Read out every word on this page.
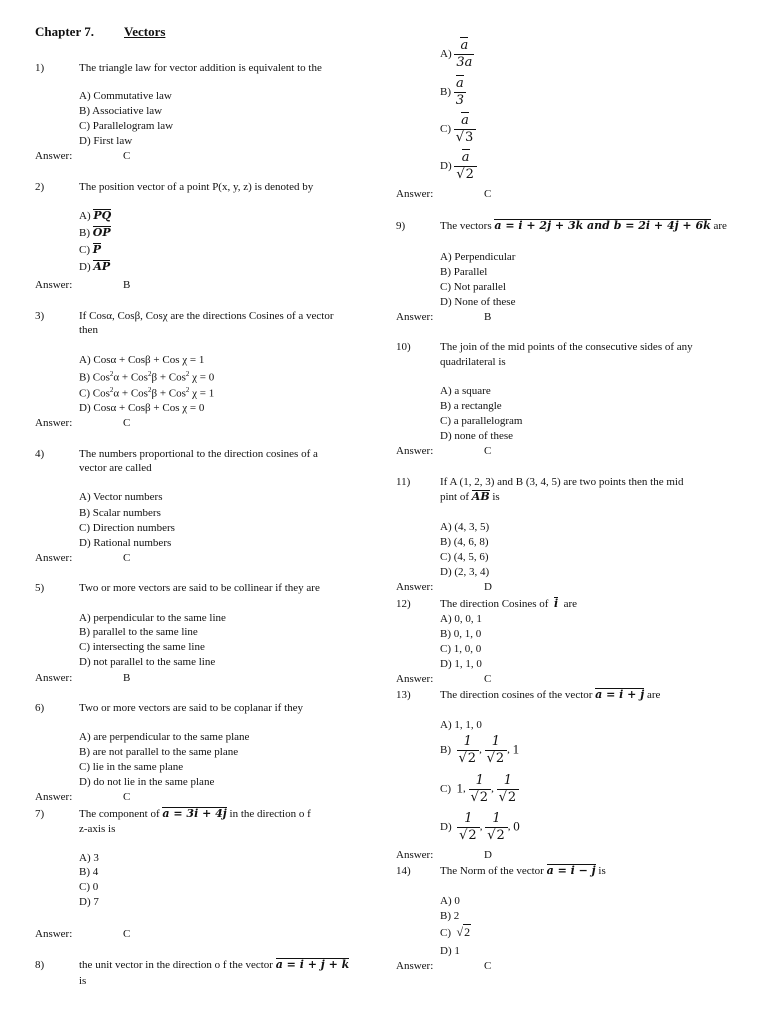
Chapter 7. Vectors
1)	The triangle law for vector addition is equivalent to the
A) Commutative law
B) Associative law
C) Parallelogram law
D) First law
Answer:	C
2)	The position vector of a point P(x, y, z) is denoted by
A) PQ
B) OP
C) P
D) AP
Answer:	B
3)	If Cosα, Cosβ, Cosχ are the directions Cosines of a vector
then
A) Cosα + Cosβ + Cos χ = 1
B) Cos$^2$α + Cos$^2$β + Cos$^2$ χ = 0
C) Cos$^2$α + Cos$^2$β + Cos$^2$ χ = 1
D) Cosα + Cosβ + Cos χ = 0
Answer:	C
4)	The numbers proportional to the direction cosines of a
vector are called
A) Vector numbers
B) Scalar numbers
C) Direction numbers
D) Rational numbers
Answer:	C
5)	Two or more vectors are said to be collinear if they are
A) perpendicular to the same line
B) parallel to the same line
C) intersecting the same line
D) not parallel to the same line
Answer:	B
6)	Two or more vectors are said to be coplanar if they
A) are perpendicular to the same plane
B) are not parallel to the same plane
C) lie in the same plane
D) do not lie in the same plane
Answer:	C
7)	The component of a = 3i + 4j in the direction o f
z-axis is
A) 3
B) 4
C) 0
D) 7
Answer:	C
8)	the unit vector in the direction o f the vector a = i + j + k
is
$A) \frac{a}{3a}$
$B) \frac{a}{3}$
$C) \frac{a}{√3}$
$D) \frac{a}{√2}$
Answer:	C
9)	The vectors a = i + 2j + 3k and b = 2i + 4j + 6k are
A) Perpendicular
B) Parallel
C) Not parallel
D) None of these
Answer:	B
10)	The join of the mid points of the consecutive sides of any
quadrilateral is
A) a square
B) a rectangle
C) a parallelogram
D) none of these
Answer:	C
11)	If A (1, 2, 3) and B (3, 4, 5) are two points then the mid
pint of AB is
A) (4, 3, 5)
B) (4, 6, 8)
C) (4, 5, 6)
D) (2, 3, 4)
Answer:	D
12)	The direction Cosines of i are
A) 0, 0, 1
B) 0, 1, 0
C) 1, 0, 0
D) 1, 1, 0
Answer:	C
13)	The direction cosines of the vector a = i + j are
A) 1, 1, 0
$B) \frac{1}{√2}$ , $\frac{1}{√2}$ , 1
C) 1, $\frac{1}{√2}$ , $\frac{1}{√2}$
$D) \frac{1}{√2}$ , $\frac{1}{√2}$ , 0
Answer:	D
14)	The Norm of the vector a = i − j is
A) 0
B) 2
C) √2
D) 1
Answer:	C
